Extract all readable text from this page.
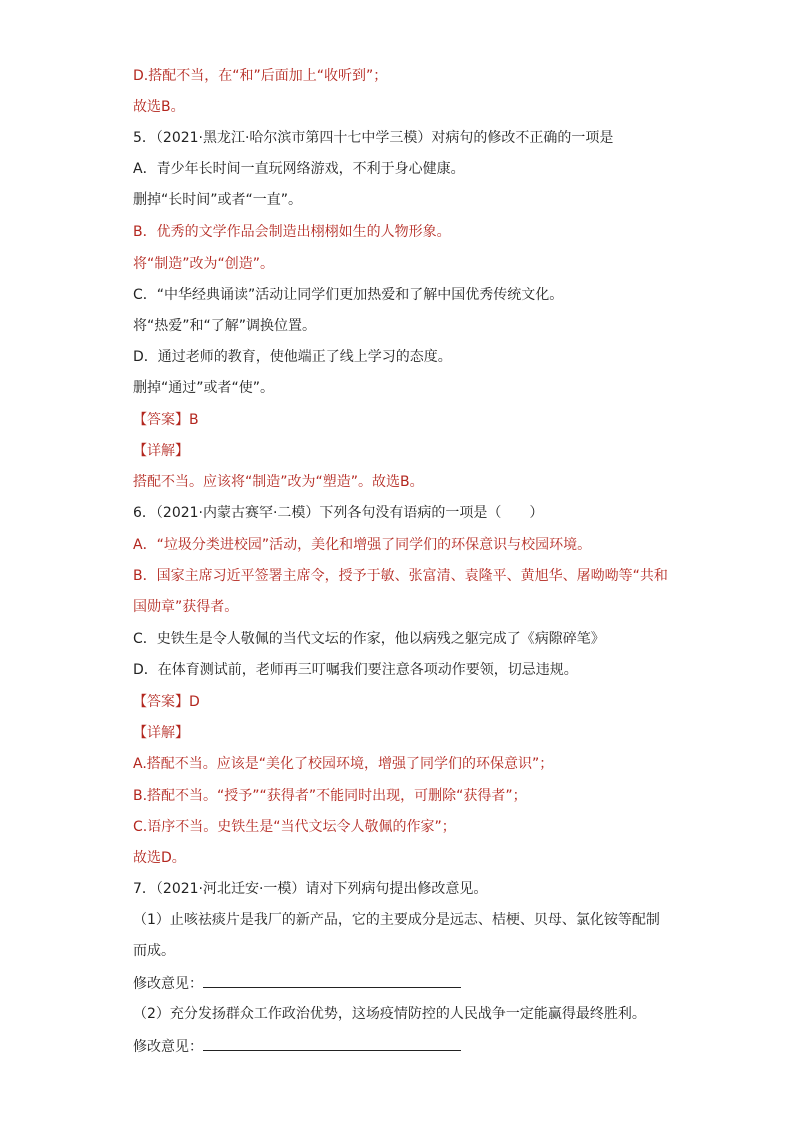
D.搭配不当，在“和”后面加上“收听到”；
故选B。
5．（2021·黑龙江·哈尔滨市第四十七中学三模）对病句的修改不正确的一项是
A．青少年长时间一直玩网络游戏，不利于身心健康。
删掉“长时间”或者“一直”。
B．优秀的文学作品会制造出栩栩如生的人物形象。
将“制造”改为“创造”。
C．“中华经典诵读”活动让同学们更加热爱和了解中国优秀传统文化。
将“热爱”和“了解”调换位置。
D．通过老师的教育，使他端正了线上学习的态度。
删掉“通过”或者“使”。
【答案】B
【详解】
搭配不当。应该将“制造”改为“塑造”。故选B。
6．（2021·内蒙古赛罕·二模）下列各句没有语病的一项是（　　）
A．“垃圾分类进校园”活动，美化和增强了同学们的环保意识与校园环境。
B．国家主席习近平签署主席令，授予于敏、张富清、袁隆平、黄旭华、屠呦呦等“共和
国勋章”获得者。
C．史铁生是令人敬佩的当代文坛的作家，他以病残之躯完成了《病隙碎笔》
D．在体育测试前，老师再三叮嘱我们要注意各项动作要领，切忌违规。
【答案】D
【详解】
A.搭配不当。应该是“美化了校园环境，增强了同学们的环保意识”；
B.搭配不当。“授予”“获得者”不能同时出现，可删除“获得者”；
C.语序不当。史铁生是“当代文坛令人敬佩的作家”；
故选D。
7．（2021·河北迁安·一模）请对下列病句提出修改意见。
（1）止咳祛痰片是我厂的新产品，它的主要成分是远志、桔梗、贝母、氯化铵等配制
而成。
修改意见：
（2）充分发扬群众工作政治优势，这场疫情防控的人民战争一定能赢得最终胜利。
修改意见：
